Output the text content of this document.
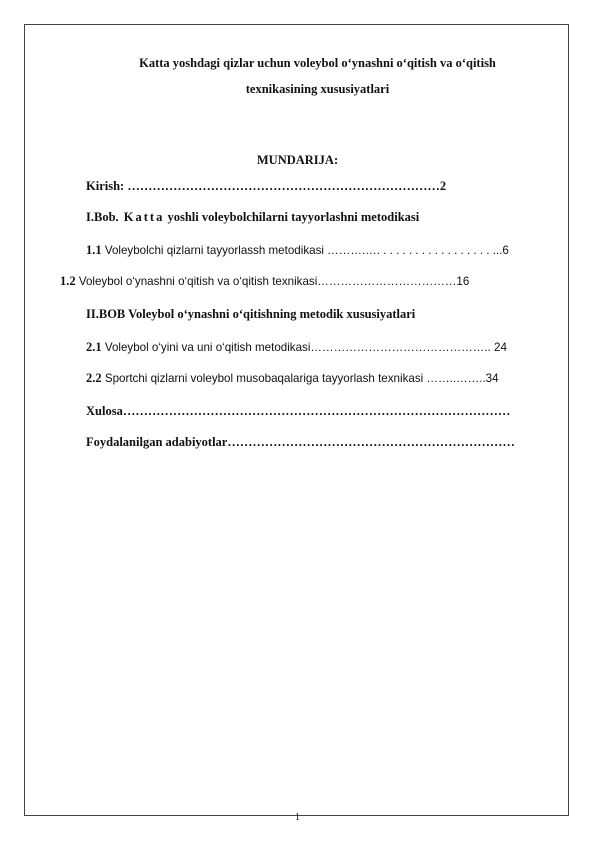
Katta yoshdagi qizlar uchun voleybol o‘ynashni o‘qitish va o‘qitish
texnikasining xususiyatlari
MUNDARIJA:
Kirish: …………………………………………………………………2
I.Bob. Katta yoshli voleybolchilarni tayyorlashni metodikasi
1.1 Voleybolchi qizlarni tayyorlassh metodikasi ……….…. . . . . . . . . . . . . . . . . . ...6
1.2 Voleybol o‘ynashni o‘qitish va o‘qitish texnikasi………………………………16
II.BOB Voleybol o‘ynashni o‘qitishning metodik xususiyatlari
2.1 Voleybol o‘yini va uni o‘qitish metodikasi……………………………………….. 24
2.2 Sportchi qizlarni voleybol musobaqalariga tayyorlash texnikasi ……..……..34
Xulosa…………………………………………………………………………………
Foydalanilgan adabiyotlar……………………………………………………………
1
